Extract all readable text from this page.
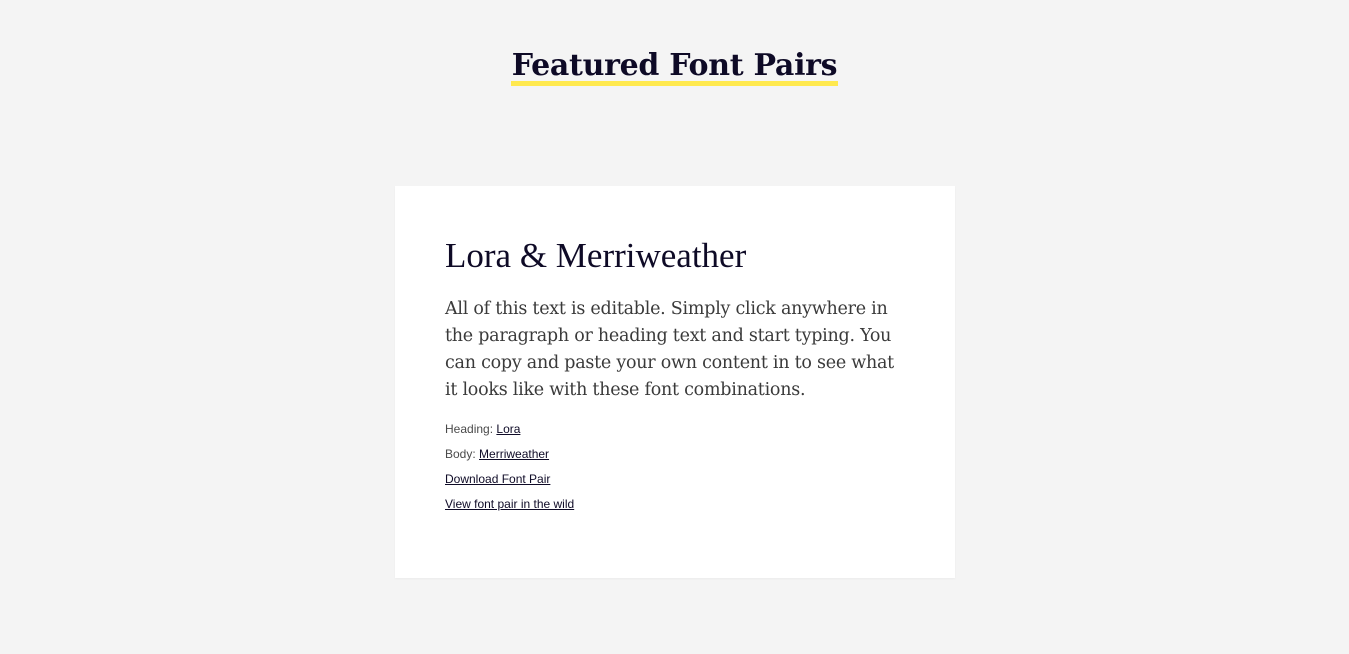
Featured Font Pairs
Lora & Merriweather

All of this text is editable. Simply click anywhere in the paragraph or heading text and start typing. You can copy and paste your own content in to see what it looks like with these font combinations.

Heading: Lora
Body: Merriweather
Download Font Pair
View font pair in the wild
